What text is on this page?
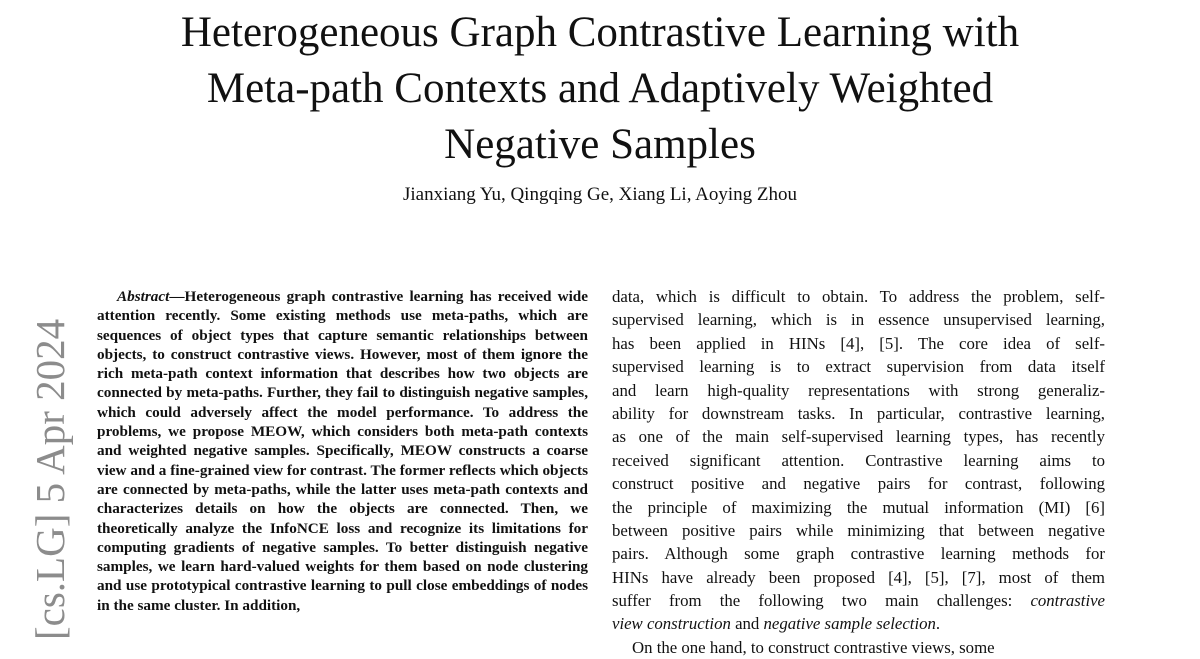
Heterogeneous Graph Contrastive Learning with
Meta-path Contexts and Adaptively Weighted
Negative Samples
Jianxiang Yu, Qingqing Ge, Xiang Li, Aoying Zhou
[cs.LG] 5 Apr 2024
Abstract—Heterogeneous graph contrastive learning has received wide attention recently. Some existing methods use meta-paths, which are sequences of object types that capture semantic relationships between objects, to construct contrastive views. However, most of them ignore the rich meta-path context information that describes how two objects are connected by meta-paths. Further, they fail to distinguish negative samples, which could adversely affect the model performance. To address the problems, we propose MEOW, which considers both meta-path contexts and weighted negative samples. Specifically, MEOW constructs a coarse view and a fine-grained view for contrast. The former reflects which objects are connected by meta-paths, while the latter uses meta-path contexts and characterizes details on how the objects are connected. Then, we theoretically analyze the InfoNCE loss and recognize its limitations for computing gradients of negative samples. To better distinguish negative samples, we learn hard-valued weights for them based on node clustering and use prototypical contrastive learning to pull close embeddings of nodes in the same cluster. In addition,
data, which is difficult to obtain. To address the problem, self-
supervised learning, which is in essence unsupervised learning,
has been applied in HINs [4], [5]. The core idea of self-
supervised learning is to extract supervision from data itself
and learn high-quality representations with strong generaliz-
ability for downstream tasks. In particular, contrastive learning,
as one of the main self-supervised learning types, has recently
received significant attention. Contrastive learning aims to
construct positive and negative pairs for contrast, following
the principle of maximizing the mutual information (MI) [6]
between positive pairs while minimizing that between negative
pairs. Although some graph contrastive learning methods for
HINs have already been proposed [4], [5], [7], most of them
suffer from the following two main challenges: contrastive
view construction and negative sample selection.
On the one hand, to construct contrastive views, some
